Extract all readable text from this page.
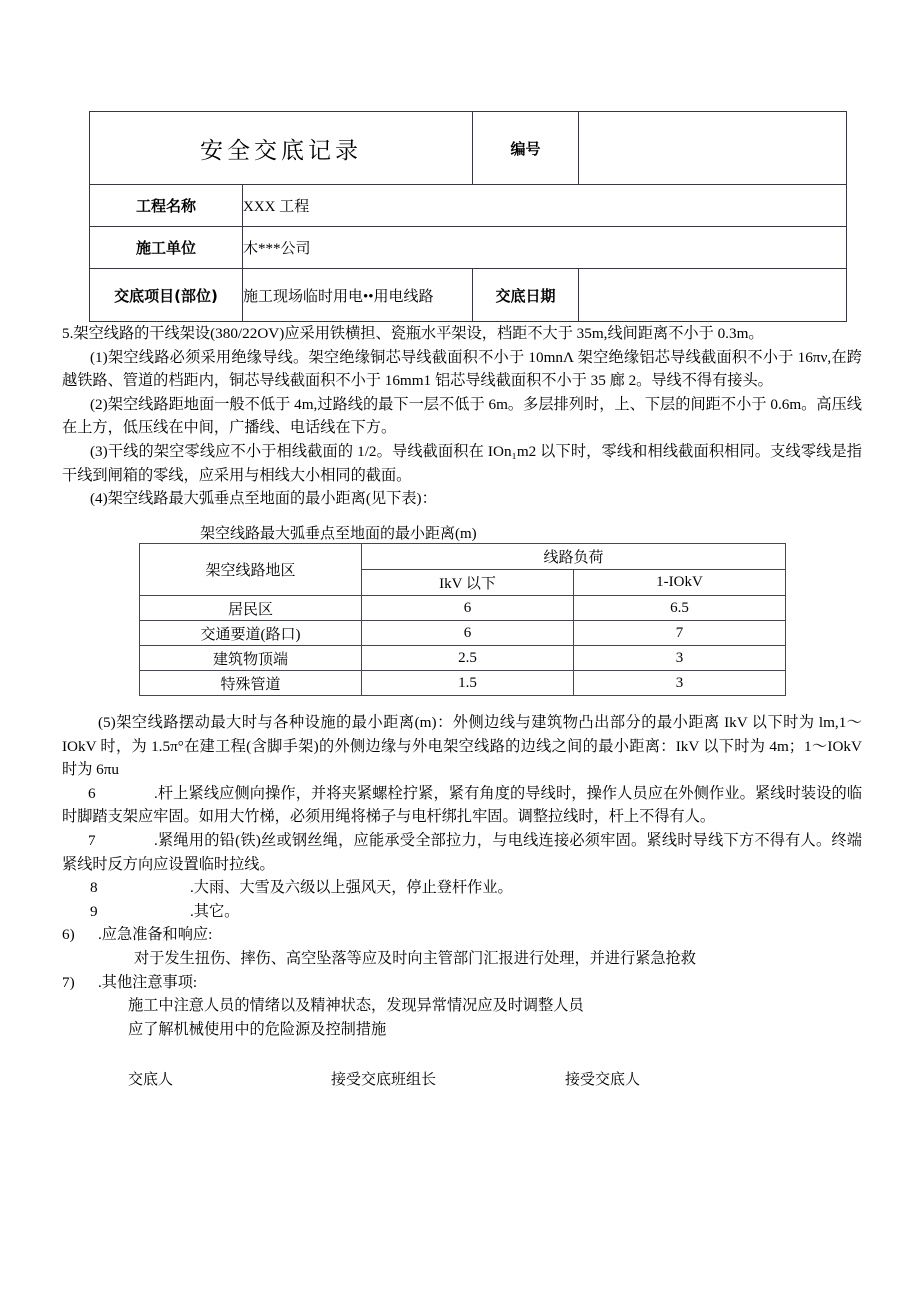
安全交底记录		编号	
工程名称	XXX 工程		
施工单位	木***公司		
交底项目(部位)	施工现场临时用电••用电线路	交底日期	

5.架空线路的干线架设(380/22OV)应采用铁横担、瓷瓶水平架设，档距不大于 35m,线间距离不小于 0.3m。

(1)架空线路必须采用绝缘导线。架空绝缘铜芯导线截面积不小于 10mnΛ 架空绝缘铝芯导线截面积不小于 16πν,在跨越铁路、管道的档距内，铜芯导线截面积不小于 16mm1 铝芯导线截面积不小于 35 廊 2。导线不得有接头。

(2)架空线路距地面一般不低于 4m,过路线的最下一层不低于 6m。多层排列时，上、下层的间距不小于 0.6m。高压线在上方，低压线在中间，广播线、电话线在下方。

(3)干线的架空零线应不小于相线截面的 1/2。导线截面积在 IOn₁m2 以下时，零线和相线截面积相同。支线零线是指干线到闸箱的零线，应采用与相线大小相同的截面。

(4)架空线路最大弧垂点至地面的最小距离(见下表)：

架空线路最大弧垂点至地面的最小距离(m)
架空线路地区	线路负荷	
	IkV 以下	1-IOkV
居民区	6	6.5
交通要道(路口)	6	7
建筑物顶端	2.5	3
特殊管道	1.5	3

(5)架空线路摆动最大时与各种设施的最小距离(m)：外侧边线与建筑物凸出部分的最小距离 IkV 以下时为 lm,1～IOkV 时，为 1.5π°在建工程(含脚手架)的外侧边缘与外电架空线路的边线之间的最小距离：IkV 以下时为 4m；1～IOkV 时为 6πu

6	.杆上紧线应侧向操作，并将夹紧螺栓拧紧，紧有角度的导线时，操作人员应在外侧作业。紧线时装设的临时脚踏支架应牢固。如用大竹梯，必须用绳将梯子与电杆绑扎牢固。调整拉线时，杆上不得有人。

7	.紧绳用的铅(铁)丝或钢丝绳，应能承受全部拉力，与电线连接必须牢固。紧线时导线下方不得有人。终端紧线时反方向应设置临时拉线。

8	.大雨、大雪及六级以上强风天，停止登杆作业。

9	.其它。

6) .应急准备和响应:

对于发生扭伤、摔伤、高空坠落等应及时向主管部门汇报进行处理，并进行紧急抢救

7) .其他注意事项:

施工中注意人员的情绪以及精神状态，发现异常情况应及时调整人员

应了解机械使用中的危险源及控制措施

交底人	接受交底班组长	接受交底人
